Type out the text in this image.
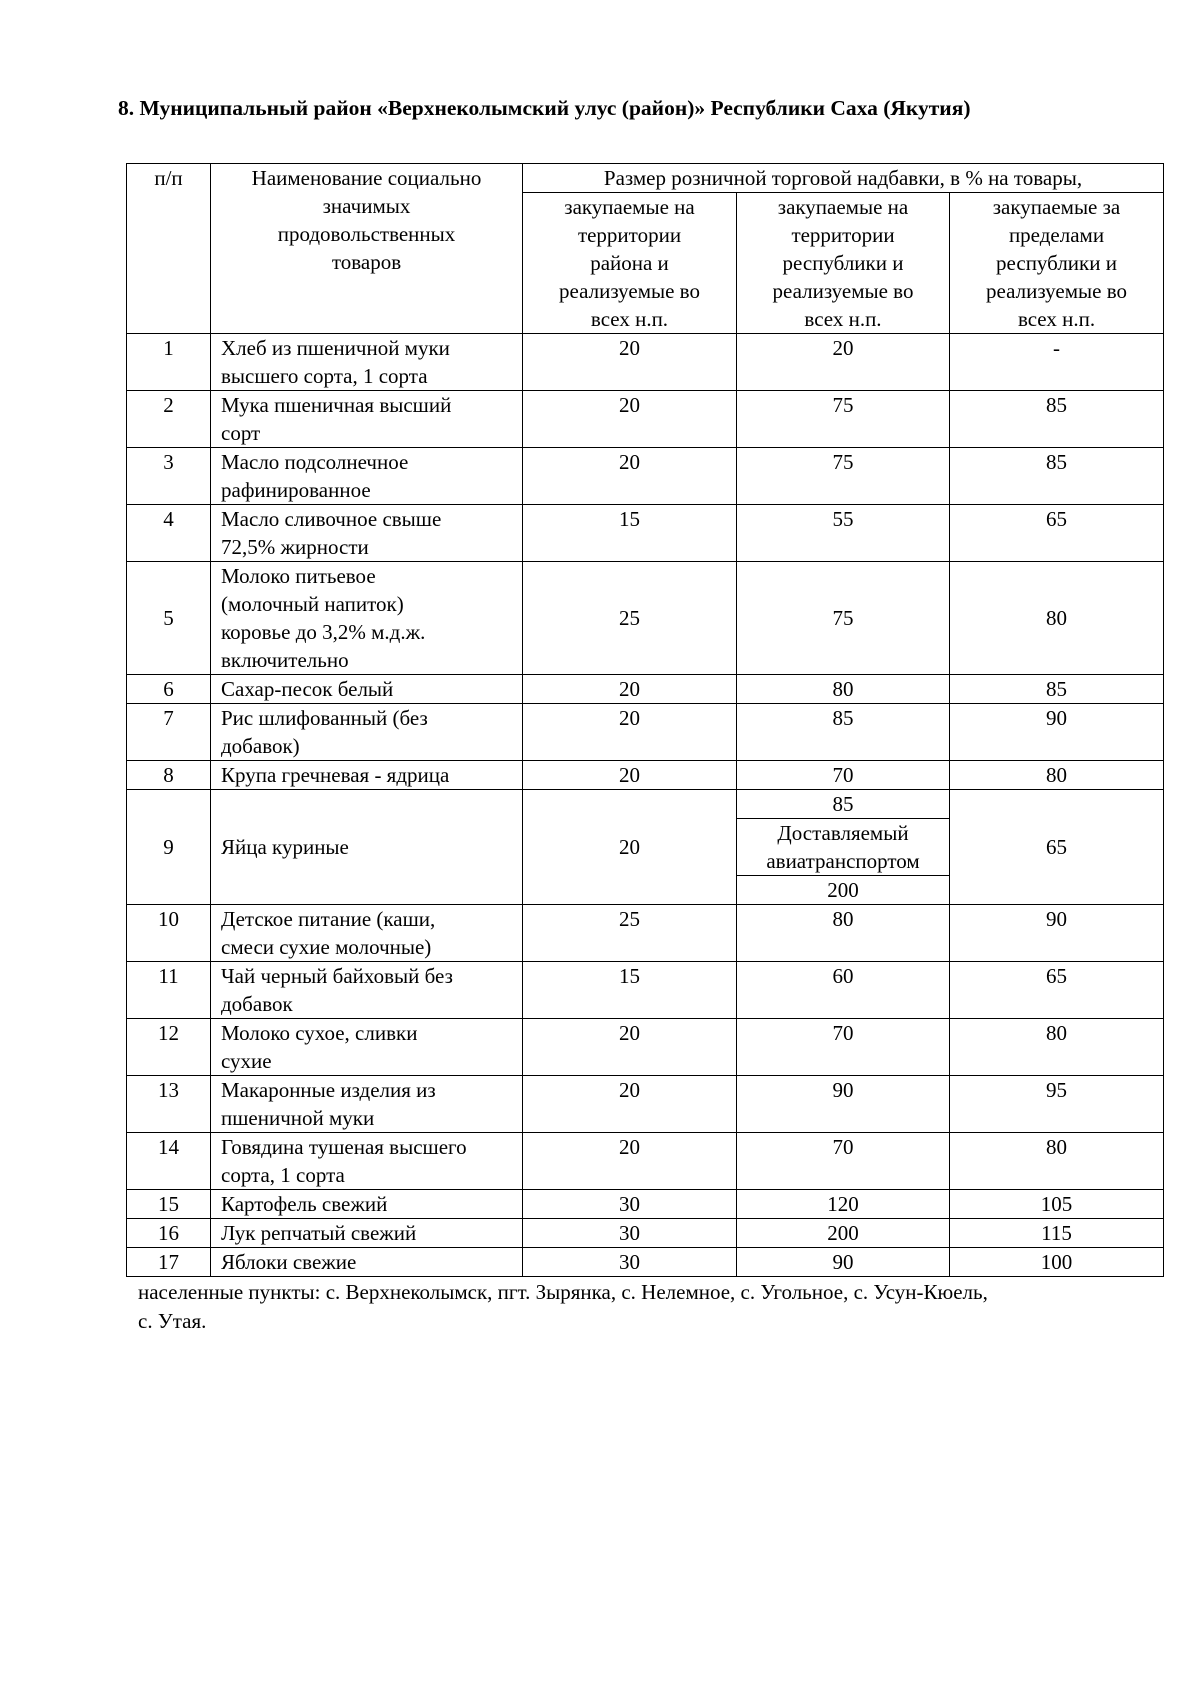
8. Муниципальный район «Верхнеколымский улус (район)» Республики Саха (Якутия)
п/п	Наименование социально
значимых
продовольственных
товаров	Размер розничной торговой надбавки, в % на товары,		
		закупаемые на
территории
района и
реализуемые во
всех н.п.	закупаемые на
территории
республики и
реализуемые во
всех н.п.	закупаемые за
пределами
республики и
реализуемые во
всех н.п.
1	Хлеб из пшеничной муки
высшего сорта, 1 сорта	20	20	-
2	Мука пшеничная высший
сорт	20	75	85
3	Масло подсолнечное
рафинированное	20	75	85
4	Масло сливочное свыше
72,5% жирности	15	55	65
5	Молоко питьевое
(молочный напиток)
коровье до 3,2% м.д.ж.
включительно	25	75	80
6	Сахар-песок белый	20	80	85
7	Рис шлифованный (без
добавок)	20	85	90
8	Крупа гречневая - ядрица	20	70	80
9	Яйца куриные	20	85
Доставляемый
авиатранспортом
200	65
10	Детское питание (каши,
смеси сухие молочные)	25	80	90
11	Чай черный байховый без
добавок	15	60	65
12	Молоко сухое, сливки
сухие	20	70	80
13	Макаронные изделия из
пшеничной муки	20	90	95
14	Говядина тушеная высшего
сорта, 1 сорта	20	70	80
15	Картофель свежий	30	120	105
16	Лук репчатый свежий	30	200	115
17	Яблоки свежие	30	90	100
населенные пункты: с. Верхнеколымск, пгт. Зырянка, с. Нелемное, с. Угольное, с. Усун-Кюель,
с. Утая.
